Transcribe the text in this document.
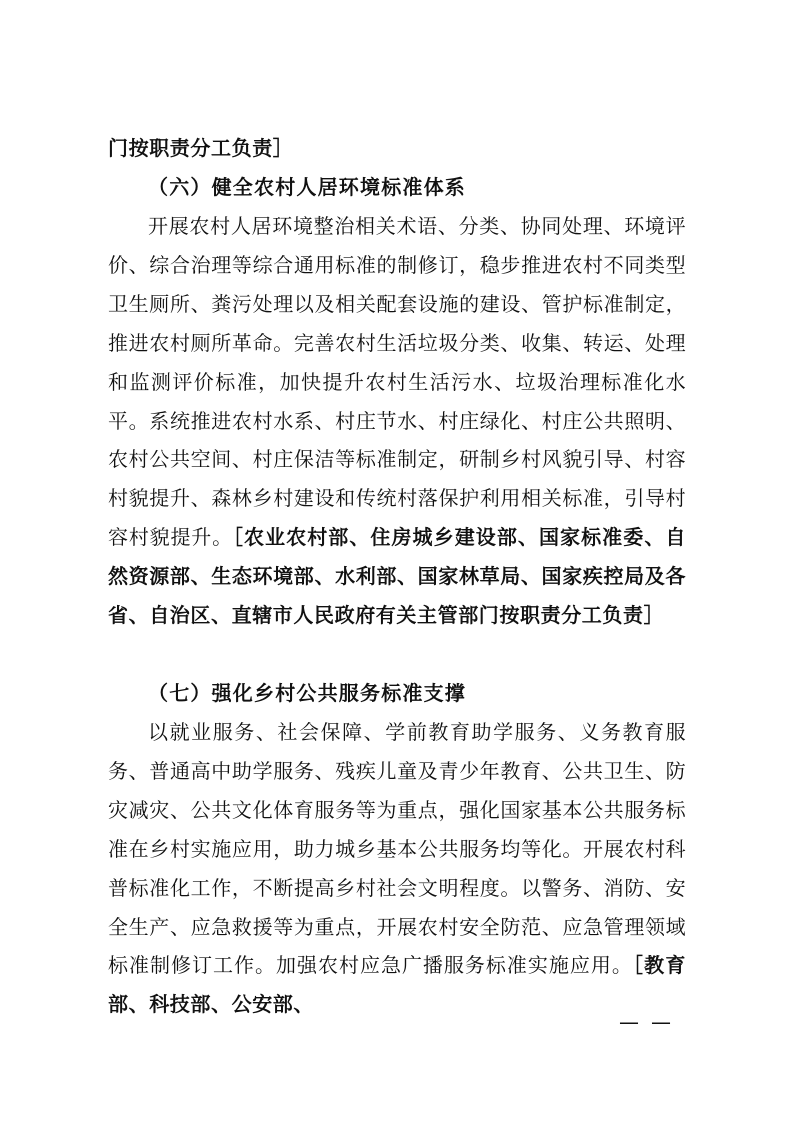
门按职责分工负责］

（六）健全农村人居环境标准体系

开展农村人居环境整治相关术语、分类、协同处理、环境评价、综合治理等综合通用标准的制修订，稳步推进农村不同类型卫生厕所、粪污处理以及相关配套设施的建设、管护标准制定，推进农村厕所革命。完善农村生活垃圾分类、收集、转运、处理和监测评价标准，加快提升农村生活污水、垃圾治理标准化水平。系统推进农村水系、村庄节水、村庄绿化、村庄公共照明、农村公共空间、村庄保洁等标准制定，研制乡村风貌引导、村容村貌提升、森林乡村建设和传统村落保护利用相关标准，引导村容村貌提升。［农业农村部、住房城乡建设部、国家标准委、自然资源部、生态环境部、水利部、国家林草局、国家疾控局及各省、自治区、直辖市人民政府有关主管部门按职责分工负责］

（七）强化乡村公共服务标准支撑

以就业服务、社会保障、学前教育助学服务、义务教育服务、普通高中助学服务、残疾儿童及青少年教育、公共卫生、防灾减灾、公共文化体育服务等为重点，强化国家基本公共服务标准在乡村实施应用，助力城乡基本公共服务均等化。开展农村科普标准化工作，不断提高乡村社会文明程度。以警务、消防、安全生产、应急救援等为重点，开展农村安全防范、应急管理领域标准制修订工作。加强农村应急广播服务标准实施应用。［教育部、科技部、公安部、

——
